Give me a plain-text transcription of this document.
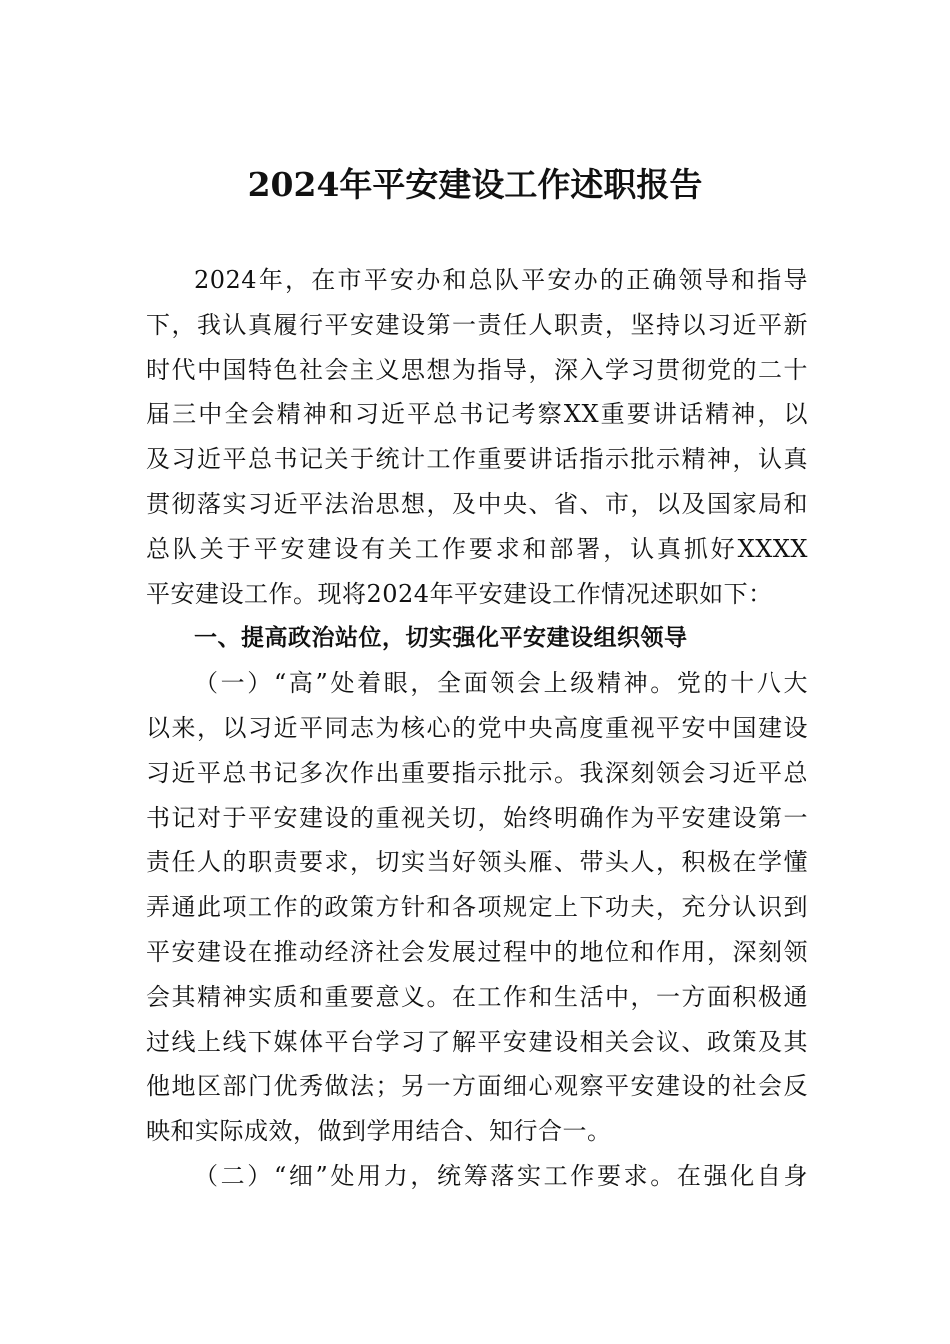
2024年平安建设工作述职报告
2024年，在市平安办和总队平安办的正确领导和指导
下，我认真履行平安建设第一责任人职责，坚持以习近平新
时代中国特色社会主义思想为指导，深入学习贯彻党的二十
届三中全会精神和习近平总书记考察XX重要讲话精神，以
及习近平总书记关于统计工作重要讲话指示批示精神，认真
贯彻落实习近平法治思想，及中央、省、市，以及国家局和
总队关于平安建设有关工作要求和部署，认真抓好XXXX
平安建设工作。现将2024年平安建设工作情况述职如下：
一、提高政治站位，切实强化平安建设组织领导
（一）“高”处着眼，全面领会上级精神。党的十八大
以来，以习近平同志为核心的党中央高度重视平安中国建设
习近平总书记多次作出重要指示批示。我深刻领会习近平总
书记对于平安建设的重视关切，始终明确作为平安建设第一
责任人的职责要求，切实当好领头雁、带头人，积极在学懂
弄通此项工作的政策方针和各项规定上下功夫，充分认识到
平安建设在推动经济社会发展过程中的地位和作用，深刻领
会其精神实质和重要意义。在工作和生活中，一方面积极通
过线上线下媒体平台学习了解平安建设相关会议、政策及其
他地区部门优秀做法；另一方面细心观察平安建设的社会反
映和实际成效，做到学用结合、知行合一。
（二）“细”处用力，统筹落实工作要求。在强化自身
